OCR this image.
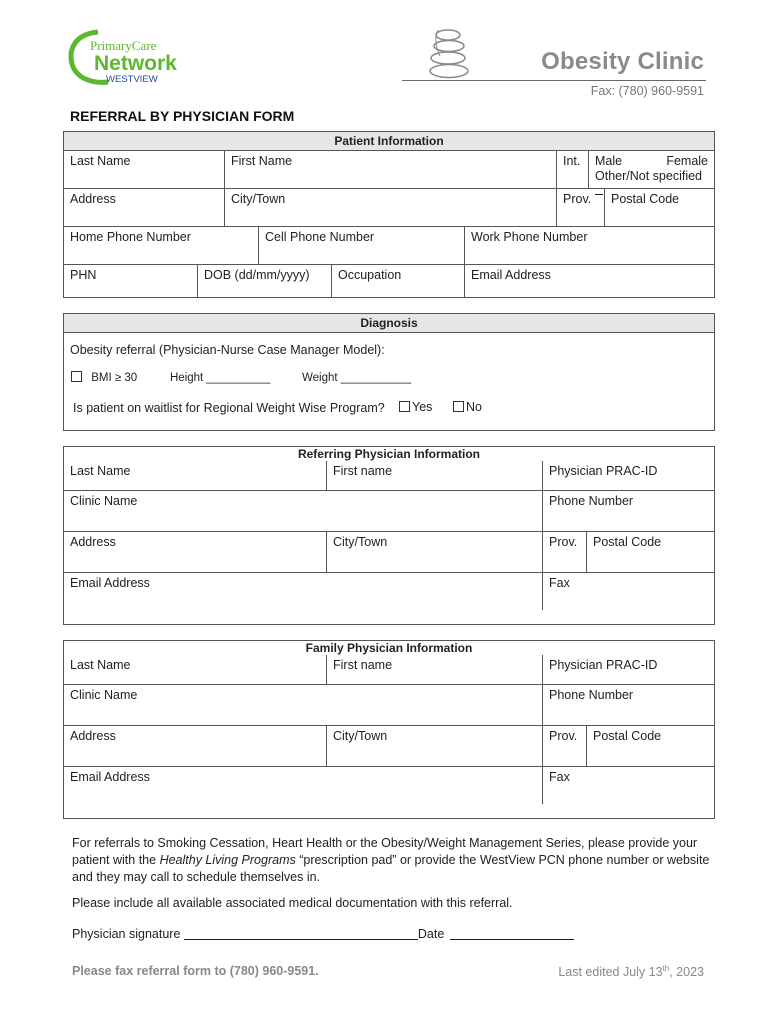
PrimaryCare
Network
WESTVIEW
Obesity Clinic
Fax: (780) 960-9591
REFERRAL BY PHYSICIAN FORM
Patient Information
Last Name	First Name	Int.	Male	Female
Other/Not specified
Address	City/Town	Prov.	Postal Code
Home Phone Number	Cell Phone Number	Work Phone Number
PHN	DOB (dd/mm/yyyy)	Occupation	Email Address
Diagnosis
Obesity referral (Physician-Nurse Case Manager Model):
BMI ≥ 30	Height __________	Weight ___________
Is patient on waitlist for Regional Weight Wise Program?	Yes	No
Referring Physician Information
Last Name	First name	Physician PRAC-ID
Clinic Name	Phone Number
Address	City/Town	Prov.	Postal Code
Email Address	Fax
Family Physician Information
Last Name	First name	Physician PRAC-ID
Clinic Name	Phone Number
Address	City/Town	Prov.	Postal Code
Email Address	Fax
For referrals to Smoking Cessation, Heart Health or the Obesity/Weight Management Series, please provide your patient with the Healthy Living Programs “prescription pad” or provide the WestView PCN phone number or website and they may call to schedule themselves in.
Please include all available associated medical documentation with this referral.
Physician signature	Date
Please fax referral form to (780) 960-9591.	Last edited July 13th, 2023
